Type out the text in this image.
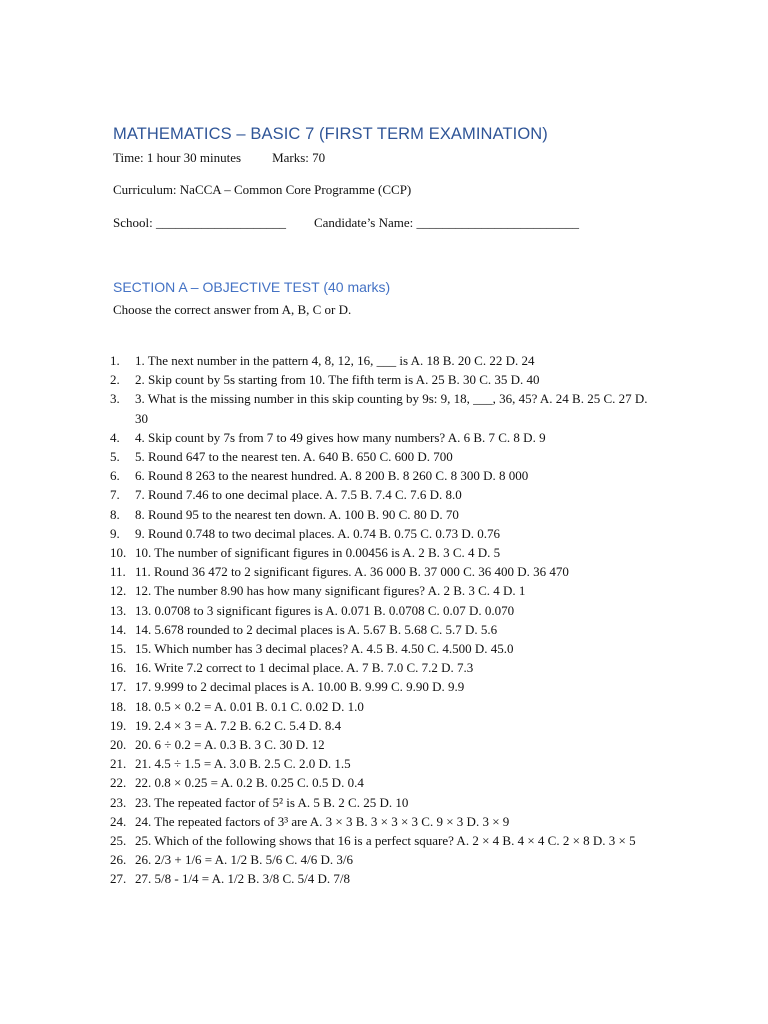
MATHEMATICS – BASIC 7 (FIRST TERM EXAMINATION)
Time: 1 hour 30 minutes Marks: 70
Curriculum: NaCCA – Common Core Programme (CCP)
School: ____________________ Candidate’s Name: _________________________
SECTION A – OBJECTIVE TEST (40 marks)
Choose the correct answer from A, B, C or D.
1.	1. The next number in the pattern 4, 8, 12, 16, ___ is A. 18 B. 20 C. 22 D. 24
2.	2. Skip count by 5s starting from 10. The fifth term is A. 25 B. 30 C. 35 D. 40
3.	3. What is the missing number in this skip counting by 9s: 9, 18, ___, 36, 45? A. 24 B. 25 C. 27 D. 30
4.	4. Skip count by 7s from 7 to 49 gives how many numbers? A. 6 B. 7 C. 8 D. 9
5.	5. Round 647 to the nearest ten. A. 640 B. 650 C. 600 D. 700
6.	6. Round 8 263 to the nearest hundred. A. 8 200 B. 8 260 C. 8 300 D. 8 000
7.	7. Round 7.46 to one decimal place. A. 7.5 B. 7.4 C. 7.6 D. 8.0
8.	8. Round 95 to the nearest ten down. A. 100 B. 90 C. 80 D. 70
9.	9. Round 0.748 to two decimal places. A. 0.74 B. 0.75 C. 0.73 D. 0.76
10. 10. The number of significant figures in 0.00456 is A. 2 B. 3 C. 4 D. 5
11. 11. Round 36 472 to 2 significant figures. A. 36 000 B. 37 000 C. 36 400 D. 36 470
12. 12. The number 8.90 has how many significant figures? A. 2 B. 3 C. 4 D. 1
13. 13. 0.0708 to 3 significant figures is A. 0.071 B. 0.0708 C. 0.07 D. 0.070
14. 14. 5.678 rounded to 2 decimal places is A. 5.67 B. 5.68 C. 5.7 D. 5.6
15. 15. Which number has 3 decimal places? A. 4.5 B. 4.50 C. 4.500 D. 45.0
16. 16. Write 7.2 correct to 1 decimal place. A. 7 B. 7.0 C. 7.2 D. 7.3
17. 17. 9.999 to 2 decimal places is A. 10.00 B. 9.99 C. 9.90 D. 9.9
18. 18. 0.5 × 0.2 = A. 0.01 B. 0.1 C. 0.02 D. 1.0
19. 19. 2.4 × 3 = A. 7.2 B. 6.2 C. 5.4 D. 8.4
20. 20. 6 ÷ 0.2 = A. 0.3 B. 3 C. 30 D. 12
21. 21. 4.5 ÷ 1.5 = A. 3.0 B. 2.5 C. 2.0 D. 1.5
22. 22. 0.8 × 0.25 = A. 0.2 B. 0.25 C. 0.5 D. 0.4
23. 23. The repeated factor of 5² is A. 5 B. 2 C. 25 D. 10
24. 24. The repeated factors of 3³ are A. 3 × 3 B. 3 × 3 × 3 C. 9 × 3 D. 3 × 9
25. 25. Which of the following shows that 16 is a perfect square? A. 2 × 4 B. 4 × 4 C. 2 × 8 D. 3 × 5
26. 26. 2/3 + 1/6 = A. 1/2 B. 5/6 C. 4/6 D. 3/6
27. 27. 5/8 - 1/4 = A. 1/2 B. 3/8 C. 5/4 D. 7/8
